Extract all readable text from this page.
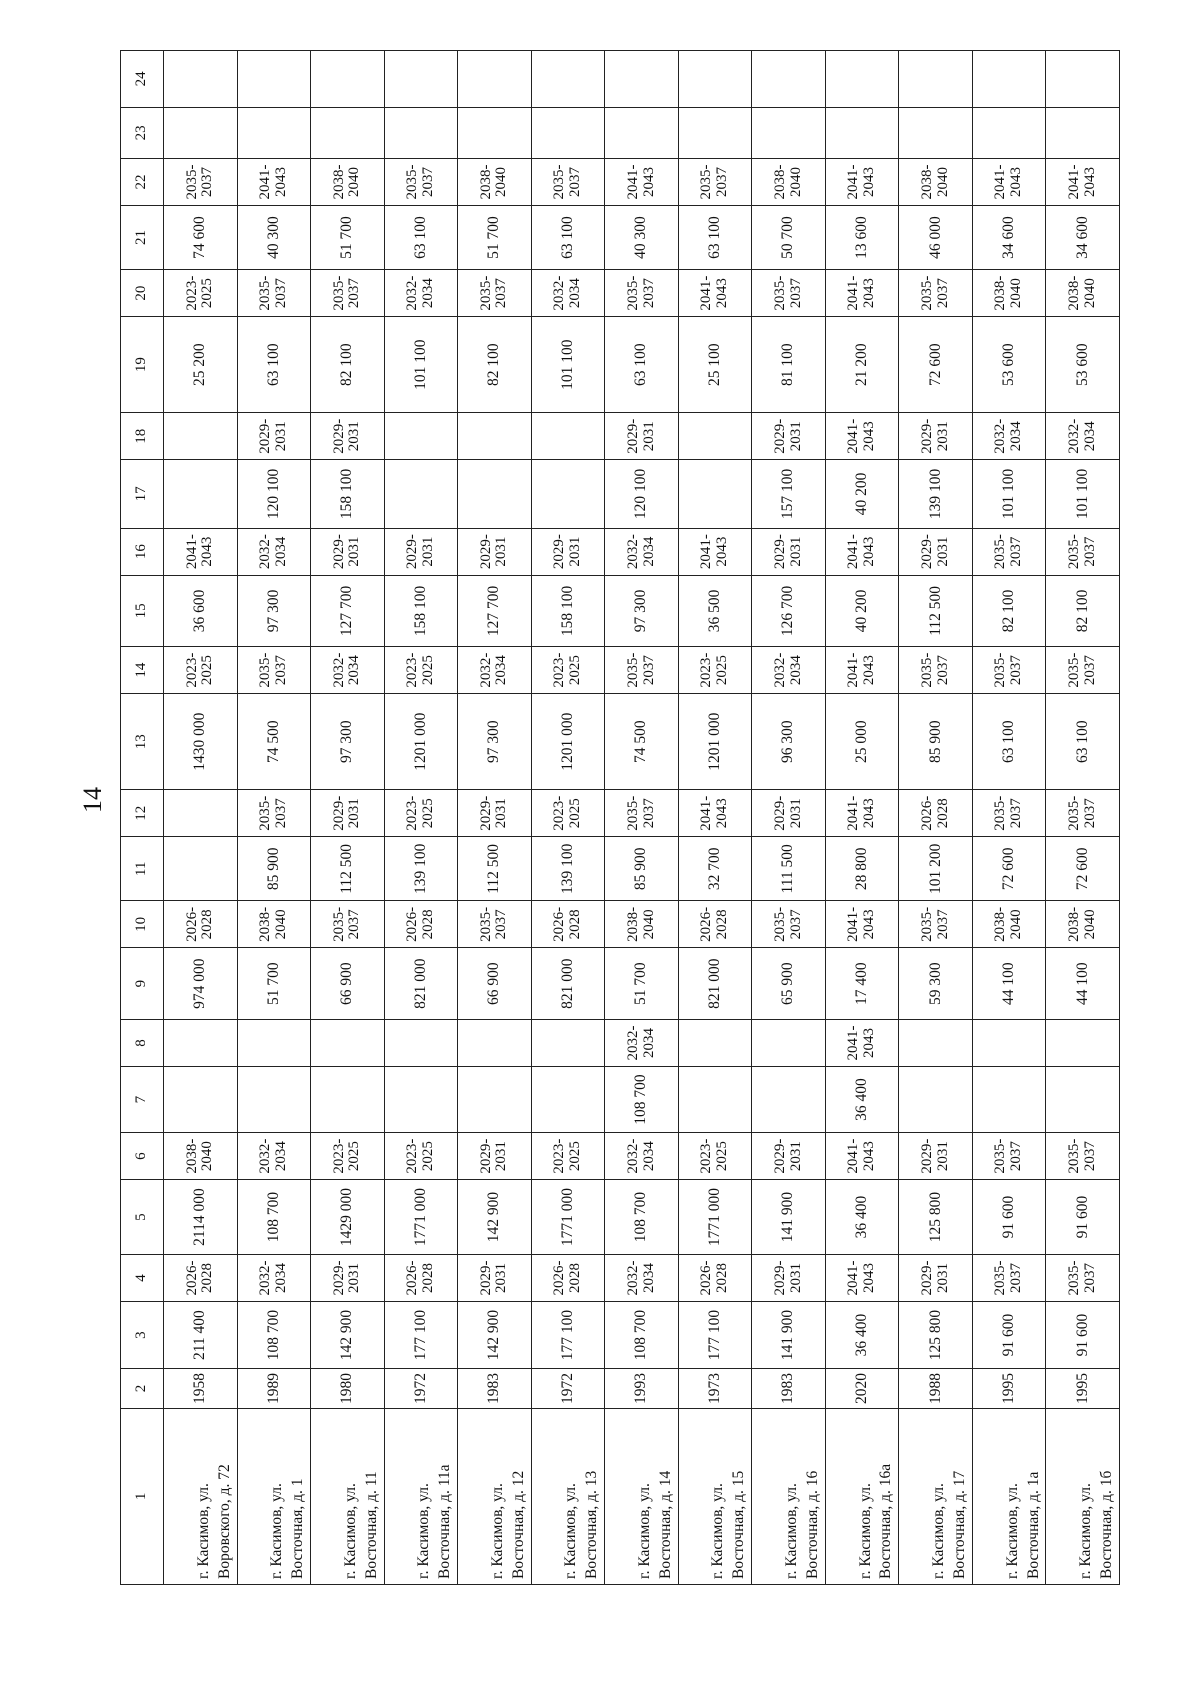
14
1	2	3	4	5	6	7	8	9	10	11	12	13	14	15	16	17	18	19	20	21	22	23	24
г. Касимов, ул. Воровского, д. 72	1958	211 400	2026-2028	2114 000	2038-2040			974 000	2026-2028			1430 000	2023-2025	36 600	2041-2043			25 200	2023-2025	74 600	2035-2037		
г. Касимов, ул. Восточная, д. 1	1989	108 700	2032-2034	108 700	2032-2034			51 700	2038-2040	85 900	2035-2037	74 500	2035-2037	97 300	2032-2034	120 100	2029-2031	63 100	2035-2037	40 300	2041-2043		
г. Касимов, ул. Восточная, д. 11	1980	142 900	2029-2031	1429 000	2023-2025			66 900	2035-2037	112 500	2029-2031	97 300	2032-2034	127 700	2029-2031	158 100	2029-2031	82 100	2035-2037	51 700	2038-2040		
г. Касимов, ул. Восточная, д. 11а	1972	177 100	2026-2028	1771 000	2023-2025			821 000	2026-2028	139 100	2023-2025	1201 000	2023-2025	158 100	2029-2031			101 100	2032-2034	63 100	2035-2037		
г. Касимов, ул. Восточная, д. 12	1983	142 900	2029-2031	142 900	2029-2031			66 900	2035-2037	112 500	2029-2031	97 300	2032-2034	127 700	2029-2031			82 100	2035-2037	51 700	2038-2040		
г. Касимов, ул. Восточная, д. 13	1972	177 100	2026-2028	1771 000	2023-2025			821 000	2026-2028	139 100	2023-2025	1201 000	2023-2025	158 100	2029-2031			101 100	2032-2034	63 100	2035-2037		
г. Касимов, ул. Восточная, д. 14	1993	108 700	2032-2034	108 700	2032-2034	108 700	2032-2034	51 700	2038-2040	85 900	2035-2037	74 500	2035-2037	97 300	2032-2034	120 100	2029-2031	63 100	2035-2037	40 300	2041-2043		
г. Касимов, ул. Восточная, д. 15	1973	177 100	2026-2028	1771 000	2023-2025			821 000	2026-2028	32 700	2041-2043	1201 000	2023-2025	36 500	2041-2043			25 100	2041-2043	63 100	2035-2037		
г. Касимов, ул. Восточная, д. 16	1983	141 900	2029-2031	141 900	2029-2031			65 900	2035-2037	111 500	2029-2031	96 300	2032-2034	126 700	2029-2031	157 100	2029-2031	81 100	2035-2037	50 700	2038-2040		
г. Касимов, ул. Восточная, д. 16а	2020	36 400	2041-2043	36 400	2041-2043	36 400	2041-2043	17 400	2041-2043	28 800	2041-2043	25 000	2041-2043	40 200	2041-2043	40 200	2041-2043	21 200	2041-2043	13 600	2041-2043		
г. Касимов, ул. Восточная, д. 17	1988	125 800	2029-2031	125 800	2029-2031			59 300	2035-2037	101 200	2026-2028	85 900	2035-2037	112 500	2029-2031	139 100	2029-2031	72 600	2035-2037	46 000	2038-2040		
г. Касимов, ул. Восточная, д. 1а	1995	91 600	2035-2037	91 600	2035-2037			44 100	2038-2040	72 600	2035-2037	63 100	2035-2037	82 100	2035-2037	101 100	2032-2034	53 600	2038-2040	34 600	2041-2043		
г. Касимов, ул. Восточная, д. 1б	1995	91 600	2035-2037	91 600	2035-2037			44 100	2038-2040	72 600	2035-2037	63 100	2035-2037	82 100	2035-2037	101 100	2032-2034	53 600	2038-2040	34 600	2041-2043		
